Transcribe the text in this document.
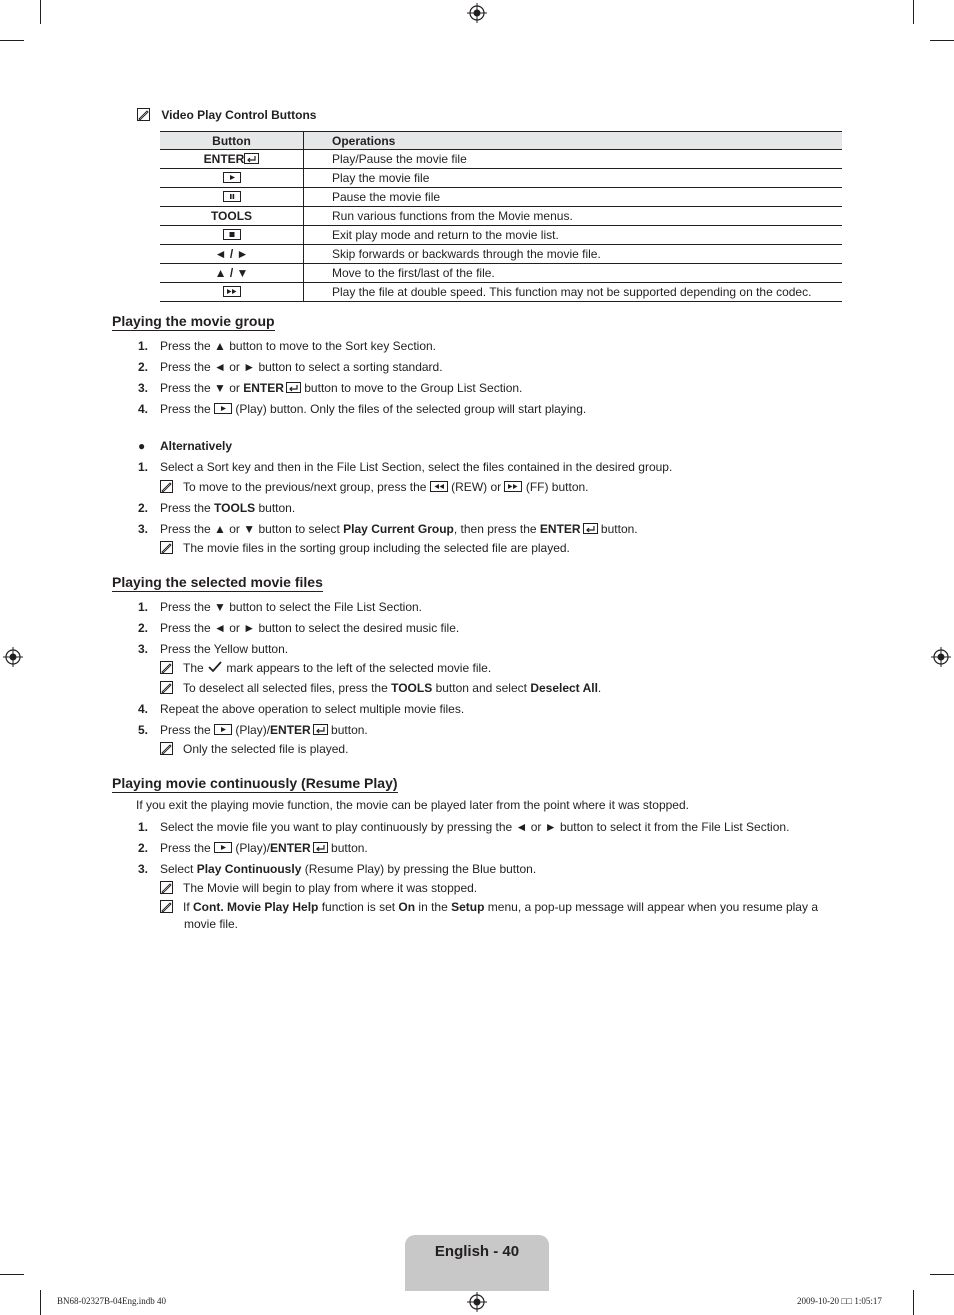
Video Play Control Buttons
Button	Operations
ENTER	Play/Pause the movie file
	Play the movie file
	Pause the movie file
TOOLS	Run various functions from the Movie menus.
	Exit play mode and return to the movie list.
◄ / ►	Skip forwards or backwards through the movie file.
▲ / ▼	Move to the first/last of the file.
	Play the file at double speed. This function may not be supported depending on the codec.
Playing the movie group
1. Press the ▲ button to move to the Sort key Section.
2. Press the ◄ or ► button to select a sorting standard.
3. Press the ▼ or ENTER button to move to the Group List Section.
4. Press the  (Play) button. Only the files of the selected group will start playing.
● Alternatively
1. Select a Sort key and then in the File List Section, select the files contained in the desired group.
To move to the previous/next group, press the  (REW) or  (FF) button.
2. Press the TOOLS button.
3. Press the ▲ or ▼ button to select Play Current Group, then press the ENTER button.
The movie files in the sorting group including the selected file are played.
Playing the selected movie files
1. Press the ▼ button to select the File List Section.
2. Press the ◄ or ► button to select the desired music file.
3. Press the Yellow button.
The  mark appears to the left of the selected movie file.
To deselect all selected files, press the TOOLS button and select Deselect All.
4. Repeat the above operation to select multiple movie files.
5. Press the  (Play)/ENTER button.
Only the selected file is played.
Playing movie continuously (Resume Play)
If you exit the playing movie function, the movie can be played later from the point where it was stopped.
1. Select the movie file you want to play continuously by pressing the ◄ or ► button to select it from the File List Section.
2. Press the  (Play)/ENTER button.
3. Select Play Continuously (Resume Play) by pressing the Blue button.
The Movie will begin to play from where it was stopped.
If Cont. Movie Play Help function is set On in the Setup menu, a pop-up message will appear when you resume play a
movie file.
English - 40
BN68-02327B-04Eng.indb 40	2009-10-20 □□ 1:05:17
